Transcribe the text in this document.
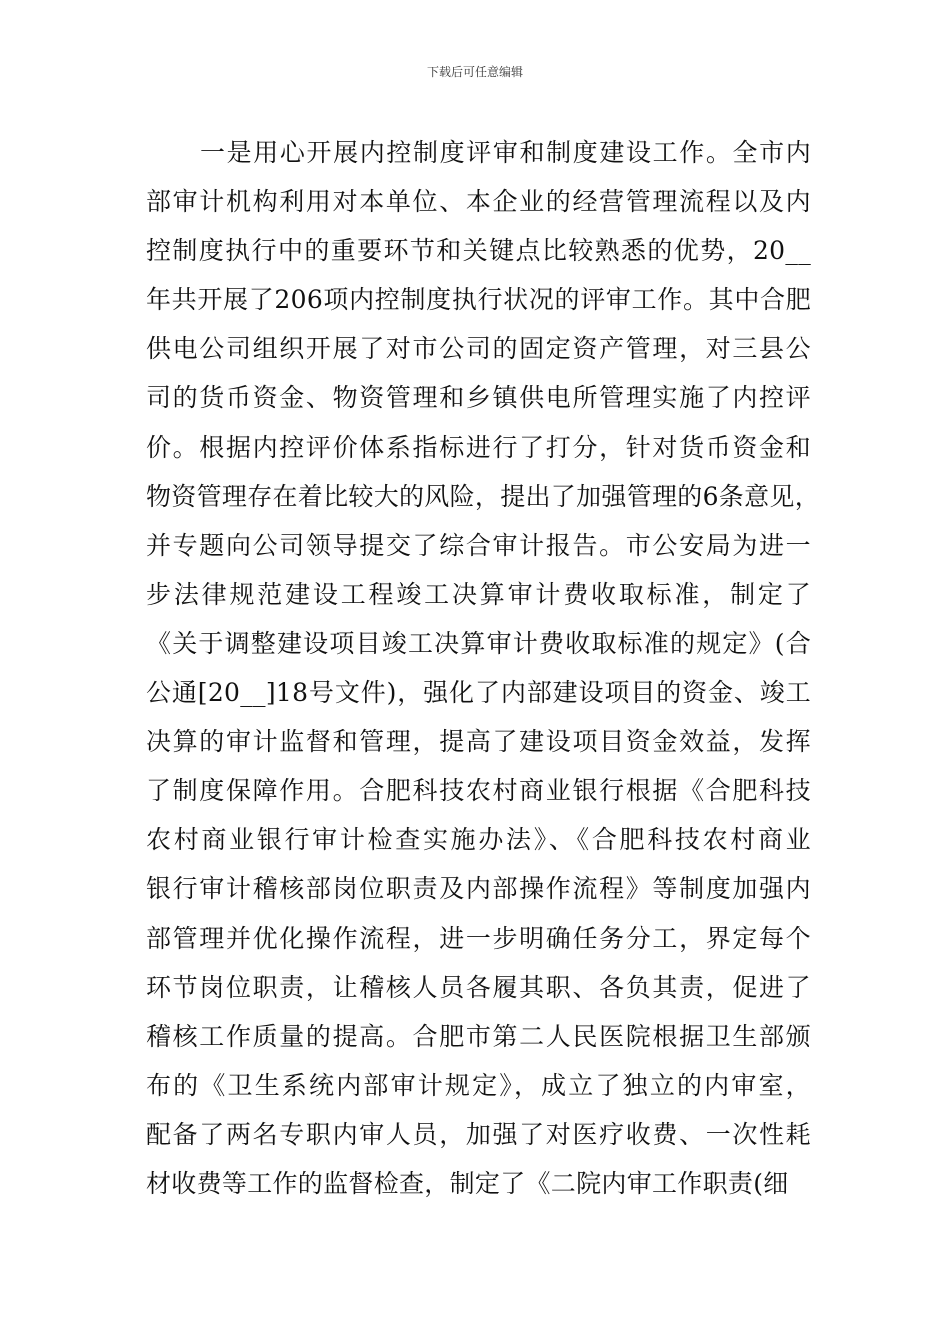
下载后可任意编辑
一是用心开展内控制度评审和制度建设工作。全市内
部审计机构利用对本单位、本企业的经营管理流程以及内
控制度执行中的重要环节和关键点比较熟悉的优势，20__
年共开展了206项内控制度执行状况的评审工作。其中合肥
供电公司组织开展了对市公司的固定资产管理，对三县公
司的货币资金、物资管理和乡镇供电所管理实施了内控评
价。根据内控评价体系指标进行了打分，针对货币资金和
物资管理存在着比较大的风险，提出了加强管理的6条意见，
并专题向公司领导提交了综合审计报告。市公安局为进一
步法律规范建设工程竣工决算审计费收取标准，制定了
《关于调整建设项目竣工决算审计费收取标准的规定》(合
公通[20__]18号文件)，强化了内部建设项目的资金、竣工
决算的审计监督和管理，提高了建设项目资金效益，发挥
了制度保障作用。合肥科技农村商业银行根据《合肥科技
农村商业银行审计检查实施办法》、《合肥科技农村商业
银行审计稽核部岗位职责及内部操作流程》等制度加强内
部管理并优化操作流程，进一步明确任务分工，界定每个
环节岗位职责，让稽核人员各履其职、各负其责，促进了
稽核工作质量的提高。合肥市第二人民医院根据卫生部颁
布的《卫生系统内部审计规定》，成立了独立的内审室，
配备了两名专职内审人员，加强了对医疗收费、一次性耗
材收费等工作的监督检查，制定了《二院内审工作职责(细
